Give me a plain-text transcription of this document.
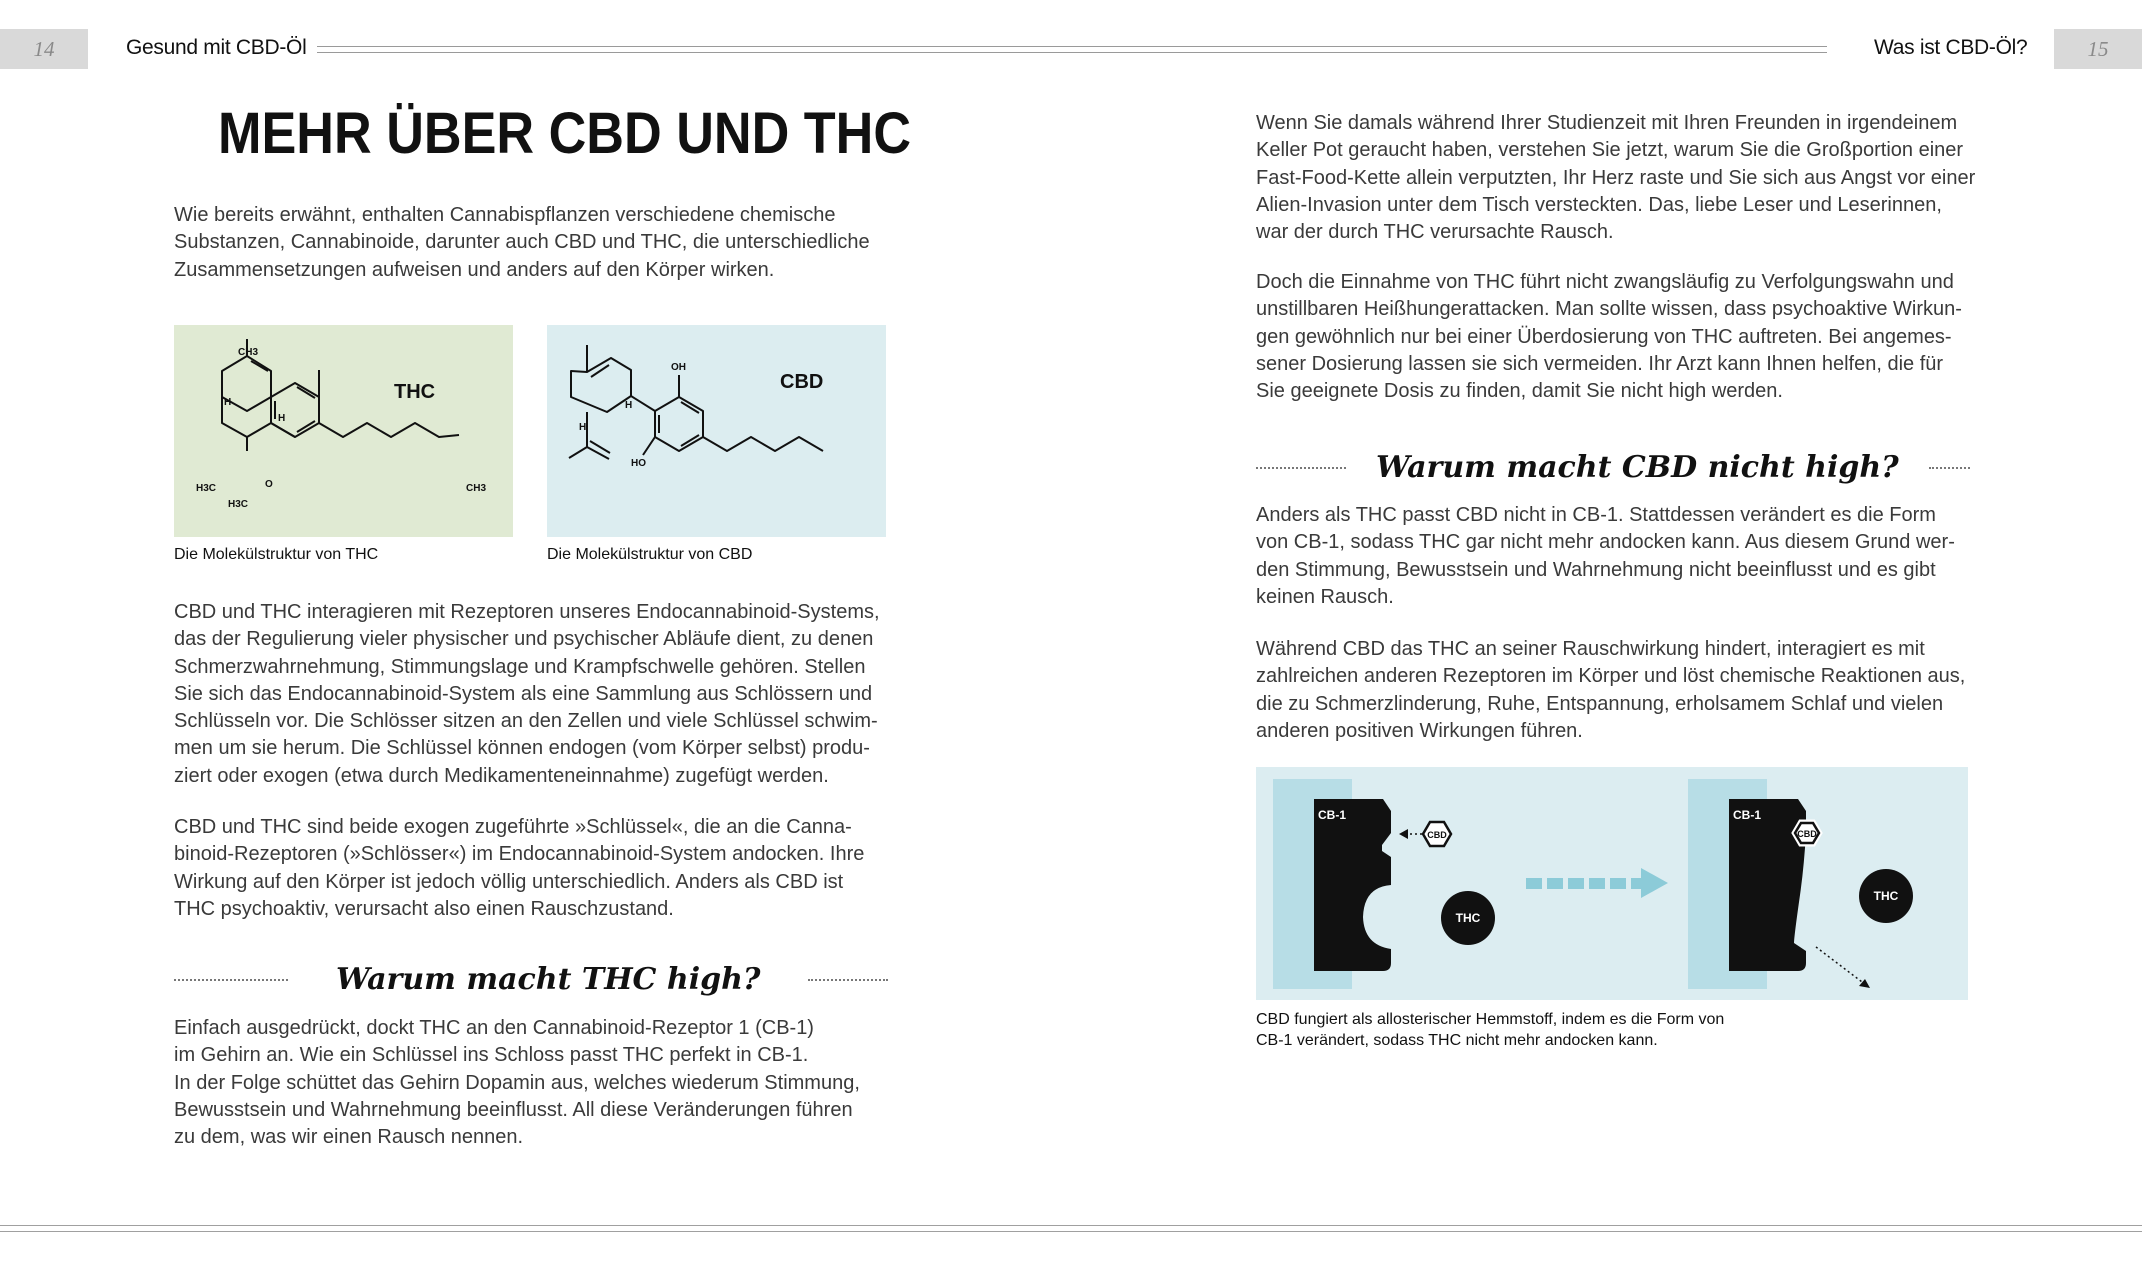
14	Gesund mit CBD-Öl	Was ist CBD-Öl?	15
MEHR ÜBER CBD UND THC
Wie bereits erwähnt, enthalten Cannabispflanzen verschiedene chemische
Substanzen, Cannabinoide, darunter auch CBD und THC, die unterschiedliche
Zusammensetzungen aufweisen und anders auf den Körper wirken.
CH3
H
H
H3C	O
H3C
CH3
THC
Die Molekülstruktur von THC
OH
H
H
HO
CBD
Die Molekülstruktur von CBD
CBD und THC interagieren mit Rezeptoren unseres Endocannabinoid-Systems,
das der Regulierung vieler physischer und psychischer Abläufe dient, zu denen
Schmerzwahrnehmung, Stimmungslage und Krampfschwelle gehören. Stellen
Sie sich das Endocannabinoid-System als eine Sammlung aus Schlössern und
Schlüsseln vor. Die Schlösser sitzen an den Zellen und viele Schlüssel schwim-
men um sie herum. Die Schlüssel können endogen (vom Körper selbst) produ-
ziert oder exogen (etwa durch Medikamenteneinnahme) zugefügt werden.
CBD und THC sind beide exogen zugeführte »Schlüssel«, die an die Canna-
binoid-Rezeptoren (»Schlösser«) im Endocannabinoid-System andocken. Ihre
Wirkung auf den Körper ist jedoch völlig unterschiedlich. Anders als CBD ist
THC psychoaktiv, verursacht also einen Rauschzustand.
Warum macht THC high?
Einfach ausgedrückt, dockt THC an den Cannabinoid-Rezeptor 1 (CB-1)
im Gehirn an. Wie ein Schlüssel ins Schloss passt THC perfekt in CB-1.
In der Folge schüttet das Gehirn Dopamin aus, welches wiederum Stimmung,
Bewusstsein und Wahrnehmung beeinflusst. All diese Veränderungen führen
zu dem, was wir einen Rausch nennen.
Wenn Sie damals während Ihrer Studienzeit mit Ihren Freunden in irgendeinem
Keller Pot geraucht haben, verstehen Sie jetzt, warum Sie die Großportion einer
Fast-Food-Kette allein verputzten, Ihr Herz raste und Sie sich aus Angst vor einer
Alien-Invasion unter dem Tisch versteckten. Das, liebe Leser und Leserinnen,
war der durch THC verursachte Rausch.
Doch die Einnahme von THC führt nicht zwangsläufig zu Verfolgungswahn und
unstillbaren Heißhungerattacken. Man sollte wissen, dass psychoaktive Wirkun-
gen gewöhnlich nur bei einer Überdosierung von THC auftreten. Bei angemes-
sener Dosierung lassen sie sich vermeiden. Ihr Arzt kann Ihnen helfen, die für
Sie geeignete Dosis zu finden, damit Sie nicht high werden.
Warum macht CBD nicht high?
Anders als THC passt CBD nicht in CB-1. Stattdessen verändert es die Form
von CB-1, sodass THC gar nicht mehr andocken kann. Aus diesem Grund wer-
den Stimmung, Bewusstsein und Wahrnehmung nicht beeinflusst und es gibt
keinen Rausch.
Während CBD das THC an seiner Rauschwirkung hindert, interagiert es mit
zahlreichen anderen Rezeptoren im Körper und löst chemische Reaktionen aus,
die zu Schmerzlinderung, Ruhe, Entspannung, erholsamem Schlaf und vielen
anderen positiven Wirkungen führen.
CB-1
CBD
THC
CB-1
CBD
THC
CBD fungiert als allosterischer Hemmstoff, indem es die Form von
CB-1 verändert, sodass THC nicht mehr andocken kann.
